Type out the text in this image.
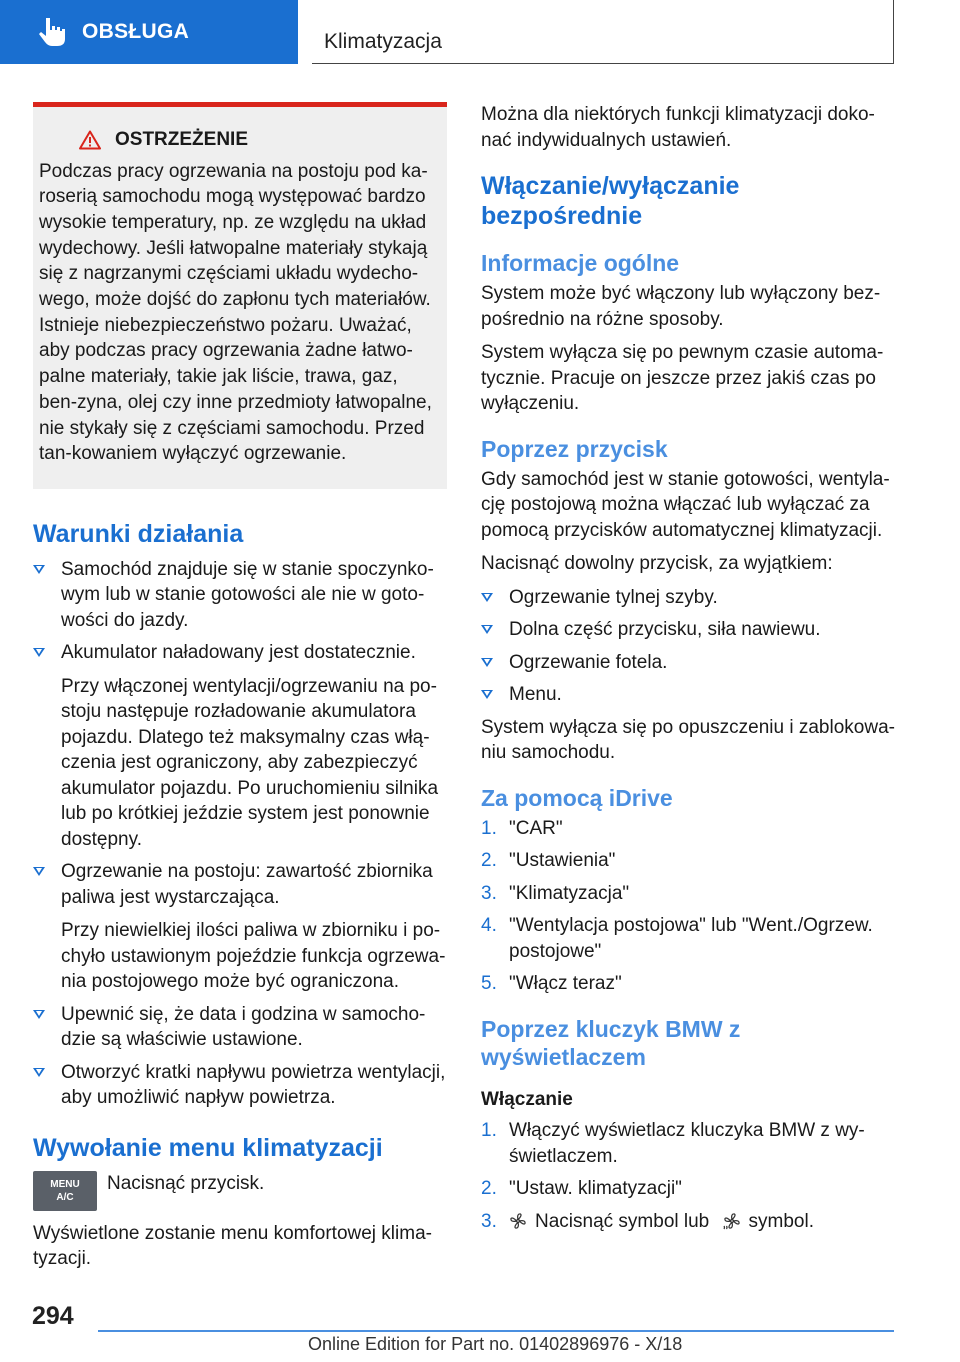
OBSŁUGA	Klimatyzacja
OSTRZEŻENIE
Podczas pracy ogrzewania na postoju pod ka-roserią samochodu mogą występować bardzo wysokie temperatury, np. ze względu na układ wydechowy. Jeśli łatwopalne materiały stykają się z nagrzanymi częściami układu wydecho-wego, może dojść do zapłonu tych materiałów. Istnieje niebezpieczeństwo pożaru. Uważać, aby podczas pracy ogrzewania żadne łatwo-palne materiały, takie jak liście, trawa, gaz, ben-zyna, olej czy inne przedmioty łatwopalne, nie stykały się z częściami samochodu. Przed tan-kowaniem wyłączyć ogrzewanie.
Warunki działania
Samochód znajduje się w stanie spoczynko-wym lub w stanie gotowości ale nie w goto-wości do jazdy.
Akumulator naładowany jest dostatecznie.

Przy włączonej wentylacji/ogrzewaniu na po-stoju następuje rozładowanie akumulatora pojazdu. Dlatego też maksymalny czas włą-czenia jest ograniczony, aby zabezpieczyć akumulator pojazdu. Po uruchomieniu silnika lub po krótkiej jeździe system jest ponownie dostępny.

Ogrzewanie na postoju: zawartość zbiornika paliwa jest wystarczająca.

Przy niewielkiej ilości paliwa w zbiorniku i po-chyło ustawionym pojeździe funkcja ogrzewa-nia postojowego może być ograniczona.

Upewnić się, że data i godzina w samocho-dzie są właściwie ustawione.
Otworzyć kratki napływu powietrza wentylacji, aby umożliwić napływ powietrza.
Wywołanie menu klimatyzacji
MENU
A/C
Nacisnąć przycisk.

Wyświetlone zostanie menu komfortowej klima-tyzacji.

Można dla niektórych funkcji klimatyzacji doko-nać indywidualnych ustawień.

Włączanie/wyłączanie bezpośrednie
Informacje ogólne

System może być włączony lub wyłączony bez-pośrednio na różne sposoby.

System wyłącza się po pewnym czasie automa-tycznie. Pracuje on jeszcze przez jakiś czas po wyłączeniu.

Poprzez przycisk

Gdy samochód jest w stanie gotowości, wentyla-cję postojową można włączać lub wyłączać za pomocą przycisków automatycznej klimatyzacji.

Nacisnąć dowolny przycisk, za wyjątkiem:

Ogrzewanie tylnej szyby.
Dolna część przycisku, siła nawiewu.
Ogrzewanie fotela.
Menu.

System wyłącza się po opuszczeniu i zablokowa-niu samochodu.

Za pomocą iDrive
1. "CAR"
2. "Ustawienia"
3. "Klimatyzacja"
4. "Wentylacja postojowa" lub "Went./Ogrzew. postojowe"
5. "Włącz teraz"
Poprzez kluczyk BMW z wyświetlaczem
Włączanie
1. Włączyć wyświetlacz kluczyka BMW z wy-świetlaczem.
2. "Ustaw. klimatyzacji"
3. Nacisnąć symbol lub symbol.
294
Online Edition for Part no. 01402896976 - X/18
